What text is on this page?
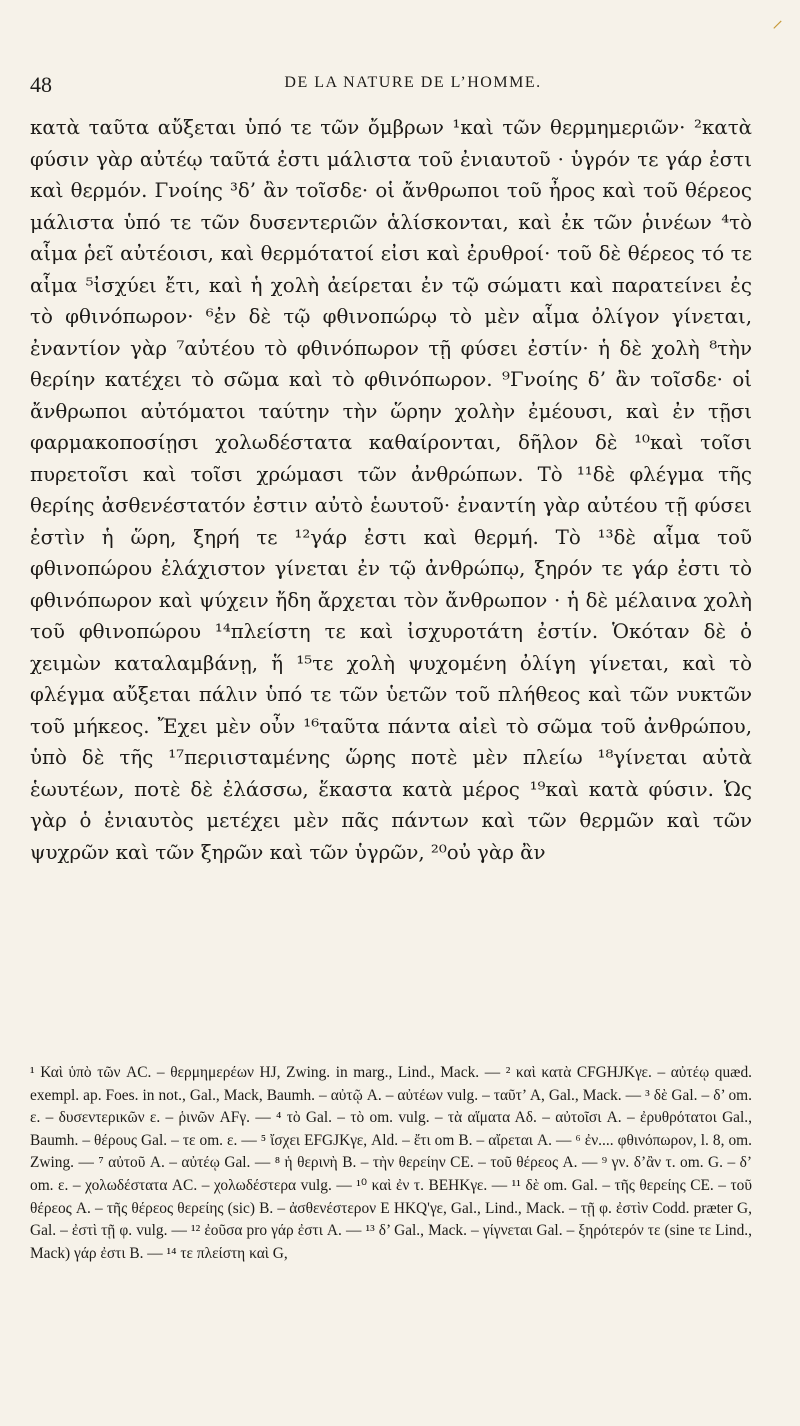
⸝
48	DE LA NATURE DE L’HOMME.

κατὰ ταῦτα αὔξεται ὑπό τε τῶν ὄμβρων ¹καὶ τῶν θερμημεριῶν· ²κατὰ φύσιν γὰρ αὐτέῳ ταῦτά ἐστι μάλιστα τοῦ ἐνιαυτοῦ · ὑγρόν τε γάρ ἐστι καὶ θερμόν. Γνοίης ³δ’ ἂν τοῖσδε· οἱ ἄνθρωποι τοῦ ἦρος καὶ τοῦ θέρεος μάλιστα ὑπό τε τῶν δυσεντεριῶν ἁλίσκονται, καὶ ἐκ τῶν ῥινέων ⁴τὸ αἷμα ῥεῖ αὐτέοισι, καὶ θερμότατοί εἰσι καὶ ἐρυθροί· τοῦ δὲ θέρεος τό τε αἷμα ⁵ἰσχύει ἔτι, καὶ ἡ χολὴ ἀείρεται ἐν τῷ σώματι καὶ παρατείνει ἐς τὸ φθινόπωρον· ⁶ἐν δὲ τῷ φθινοπώρῳ τὸ μὲν αἷμα ὀλίγον γίνεται, ἐναντίον γὰρ ⁷αὐτέου τὸ φθινόπωρον τῇ φύσει ἐστίν· ἡ δὲ χολὴ ⁸τὴν θερίην κατέχει τὸ σῶμα καὶ τὸ φθινόπωρον. ⁹Γνοίης δ’ ἂν τοῖσδε· οἱ ἄνθρωποι αὐτόματοι ταύτην τὴν ὥρην χολὴν ἐμέουσι, καὶ ἐν τῇσι φαρμακοποσίῃσι χολωδέστατα καθαίρονται, δῆλον δὲ ¹⁰καὶ τοῖσι πυρετοῖσι καὶ τοῖσι χρώμασι τῶν ἀνθρώπων. Τὸ ¹¹δὲ φλέγμα τῆς θερίης ἀσθενέστατόν ἐστιν αὐτὸ ἑωυτοῦ· ἐναντίη γὰρ αὐτέου τῇ φύσει ἐστὶν ἡ ὥρη, ξηρή τε ¹²γάρ ἐστι καὶ θερμή. Τὸ ¹³δὲ αἷμα τοῦ φθινοπώρου ἐλάχιστον γίνεται ἐν τῷ ἀνθρώπῳ, ξηρόν τε γάρ ἐστι τὸ φθινόπωρον καὶ ψύχειν ἤδη ἄρχεται τὸν ἄνθρωπον · ἡ δὲ μέλαινα χολὴ τοῦ φθινοπώρου ¹⁴πλείστη τε καὶ ἰσχυροτάτη ἐστίν. Ὁκόταν δὲ ὁ χειμὼν καταλαμβάνῃ, ἥ ¹⁵τε χολὴ ψυχομένη ὀλίγη γίνεται, καὶ τὸ φλέγμα αὔξεται πάλιν ὑπό τε τῶν ὑετῶν τοῦ πλήθεος καὶ τῶν νυκτῶν τοῦ μήκεος. Ἔχει μὲν οὖν ¹⁶ταῦτα πάντα αἰεὶ τὸ σῶμα τοῦ ἀνθρώπου, ὑπὸ δὲ τῆς ¹⁷περιισταμένης ὥρης ποτὲ μὲν πλείω ¹⁸γίνεται αὐτὰ ἑωυτέων, ποτὲ δὲ ἐλάσσω, ἕκαστα κατὰ μέρος ¹⁹καὶ κατὰ φύσιν. Ὡς γὰρ ὁ ἐνιαυτὸς μετέχει μὲν πᾶς πάντων καὶ τῶν θερμῶν καὶ τῶν ψυχρῶν καὶ τῶν ξηρῶν καὶ τῶν ὑγρῶν, ²⁰οὐ γὰρ ἂν

¹ Καὶ ὑπὸ τῶν AC. – θερμημερέων HJ, Zwing. in marg., Lind., Mack. — ² καὶ κατὰ CFGHJKγε. – αὐτέῳ quæd. exempl. ap. Foes. in not., Gal., Mack, Baumh. – αὐτῷ A. – αὐτέων vulg. – ταῦτ’ A, Gal., Mack. — ³ δὲ Gal. – δ’ om. ε. – δυσεντερικῶν ε. – ῥινῶν AFγ. — ⁴ τὸ Gal. – τὸ om. vulg. – τὰ αἵματα Αδ. – αὐτοῖσι A. – ἐρυθρότατοι Gal., Baumh. – θέρους Gal. – τε om. ε. — ⁵ ἴσχει EFGJKγε, Ald. – ἔτι om B. – αἴρεται A. — ⁶ ἐν.... φθινόπωρον, l. 8, om. Zwing. — ⁷ αὐτοῦ A. – αὐτέῳ Gal. — ⁸ ἡ θερινὴ B. – τὴν θερείην CE. – τοῦ θέρεος A. — ⁹ γν. δ’ἂν τ. om. G. – δ’ om. ε. – χολωδέστατα AC. – χολωδέστερα vulg. — ¹⁰ καὶ ἐν τ. BEHKγε. — ¹¹ δὲ om. Gal. – τῆς θερείης CE. – τοῦ θέρεος A. – τῆς θέρεος θερείης (sic) B. – ἀσθενέστερον E HKQ'γε, Gal., Lind., Mack. – τῇ φ. ἐστὶν Codd. præter G, Gal. – ἐστὶ τῇ φ. vulg. — ¹² ἐοῦσα pro γάρ ἐστι A. — ¹³ δ’ Gal., Mack. – γίγνεται Gal. – ξηρότερόν τε (sine τε Lind., Mack) γάρ ἐστι B. — ¹⁴ τε πλείστη καὶ G,
